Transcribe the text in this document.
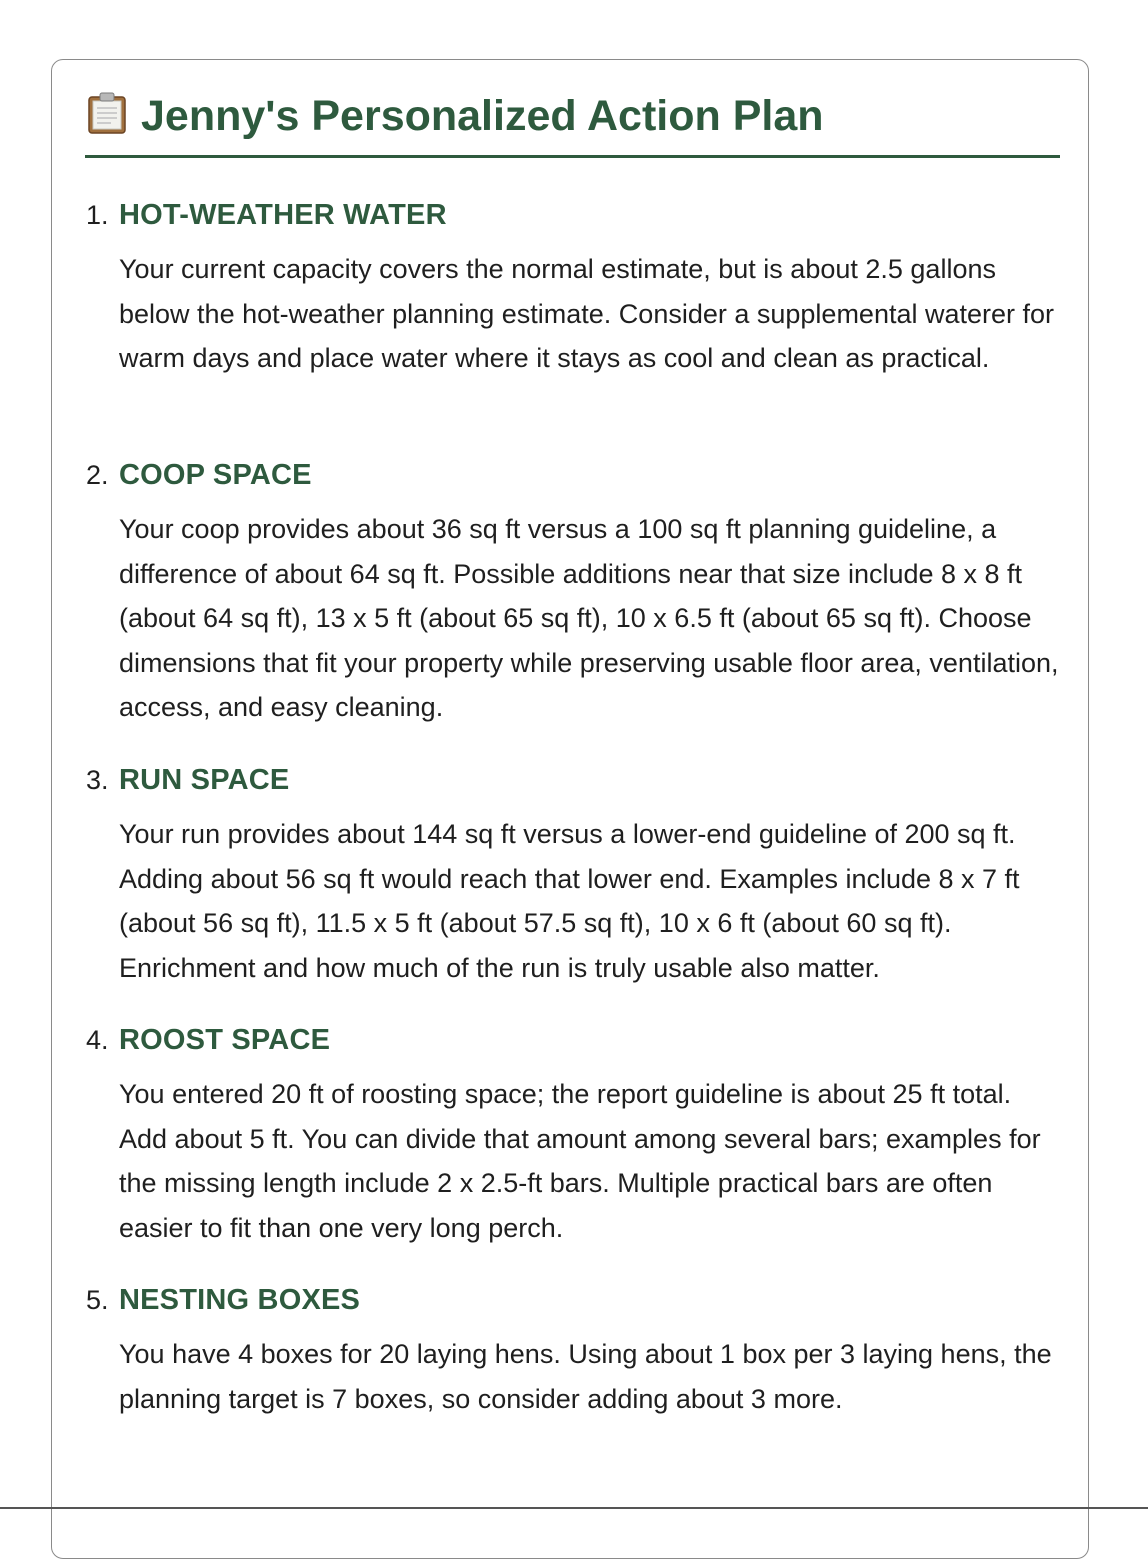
Jenny's Personalized Action Plan
1. HOT-WEATHER WATER
Your current capacity covers the normal estimate, but is about 2.5 gallons below the hot-weather planning estimate. Consider a supplemental waterer for warm days and place water where it stays as cool and clean as practical.
2. COOP SPACE
Your coop provides about 36 sq ft versus a 100 sq ft planning guideline, a difference of about 64 sq ft. Possible additions near that size include 8 x 8 ft (about 64 sq ft), 13 x 5 ft (about 65 sq ft), 10 x 6.5 ft (about 65 sq ft). Choose dimensions that fit your property while preserving usable floor area, ventilation, access, and easy cleaning.
3. RUN SPACE
Your run provides about 144 sq ft versus a lower-end guideline of 200 sq ft. Adding about 56 sq ft would reach that lower end. Examples include 8 x 7 ft (about 56 sq ft), 11.5 x 5 ft (about 57.5 sq ft), 10 x 6 ft (about 60 sq ft). Enrichment and how much of the run is truly usable also matter.
4. ROOST SPACE
You entered 20 ft of roosting space; the report guideline is about 25 ft total. Add about 5 ft. You can divide that amount among several bars; examples for the missing length include 2 x 2.5-ft bars. Multiple practical bars are often easier to fit than one very long perch.
5. NESTING BOXES
You have 4 boxes for 20 laying hens. Using about 1 box per 3 laying hens, the planning target is 7 boxes, so consider adding about 3 more.
